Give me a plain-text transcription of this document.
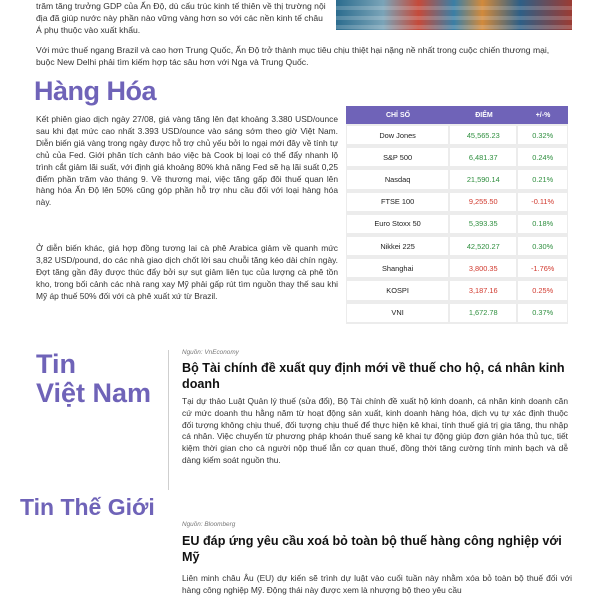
trăm tăng trưởng GDP của Ấn Độ, dù cấu trúc kinh tế thiên về thị trường nội địa đã giúp nước này phần nào vững vàng hơn so với các nền kinh tế châu Á phụ thuộc vào xuất khẩu.
Với mức thuế ngang Brazil và cao hơn Trung Quốc, Ấn Độ trở thành mục tiêu chịu thiệt hại nặng nề nhất trong cuộc chiến thương mại, buộc New Delhi phải tìm kiếm hợp tác sâu hơn với Nga và Trung Quốc.
Hàng Hóa
Kết phiên giao dịch ngày 27/08, giá vàng tăng lên đạt khoảng 3.380 USD/ounce sau khi đạt mức cao nhất 3.393 USD/ounce vào sáng sớm theo giờ Việt Nam. Diễn biến giá vàng trong ngày được hỗ trợ chủ yếu bởi lo ngại mới đây về tính tự chủ của Fed. Giới phân tích cảnh báo việc bà Cook bị loại có thể đẩy nhanh lộ trình cắt giảm lãi suất, với định giá khoảng 80% khả năng Fed sẽ hạ lãi suất 0,25 điểm phần trăm vào tháng 9. Về thương mại, việc tăng gấp đôi thuế quan lên hàng hóa Ấn Độ lên 50% cũng góp phần hỗ trợ nhu cầu đối với loại hàng hóa này.
Ở diễn biến khác, giá hợp đồng tương lai cà phê Arabica giảm về quanh mức 3,82 USD/pound, do các nhà giao dịch chốt lời sau chuỗi tăng kéo dài chín ngày. Đợt tăng gần đây được thúc đẩy bởi sự sụt giảm liên tục của lượng cà phê tồn kho, trong bối cảnh các nhà rang xay Mỹ phải gấp rút tìm nguồn thay thế sau khi Mỹ áp thuế 50% đối với cà phê xuất xứ từ Brazil.
CHỈ SỐ	ĐIỂM	+/-%
Dow Jones	45,565.23	0.32%
S&P 500	6,481.37	0.24%
Nasdaq	21,590.14	0.21%
FTSE 100	9,255.50	-0.11%
Euro Stoxx 50	5,393.35	0.18%
Nikkei 225	42,520.27	0.30%
Shanghai	3,800.35	-1.76%
KOSPI	3,187.16	0.25%
VNI	1,672.78	0.37%
Tin
Việt Nam
Nguồn: VnEconomy
Bộ Tài chính đề xuất quy định mới về thuế cho hộ, cá nhân kinh doanh
Tại dự thảo Luật Quản lý thuế (sửa đổi), Bộ Tài chính đề xuất hộ kinh doanh, cá nhân kinh doanh căn cứ mức doanh thu hằng năm từ hoạt động sản xuất, kinh doanh hàng hóa, dịch vụ tự xác định thuộc đối tượng không chịu thuế, đối tượng chịu thuế để thực hiện kê khai, tính thuế giá trị gia tăng, thu nhập cá nhân. Việc chuyển từ phương pháp khoán thuế sang kê khai tự động giúp đơn giản hóa thủ tục, tiết kiệm thời gian cho cả người nộp thuế lẫn cơ quan thuế, đồng thời tăng cường tính minh bạch và dễ dàng kiểm soát nguồn thu.
Tin Thế Giới
Nguồn: Bloomberg
EU đáp ứng yêu cầu xoá bỏ toàn bộ thuế hàng công nghiệp với Mỹ
Liên minh châu Âu (EU) dự kiến sẽ trình dự luật vào cuối tuần này nhằm xóa bỏ toàn bộ thuế đối với hàng công nghiệp Mỹ. Động thái này được xem là nhượng bộ theo yêu cầu
